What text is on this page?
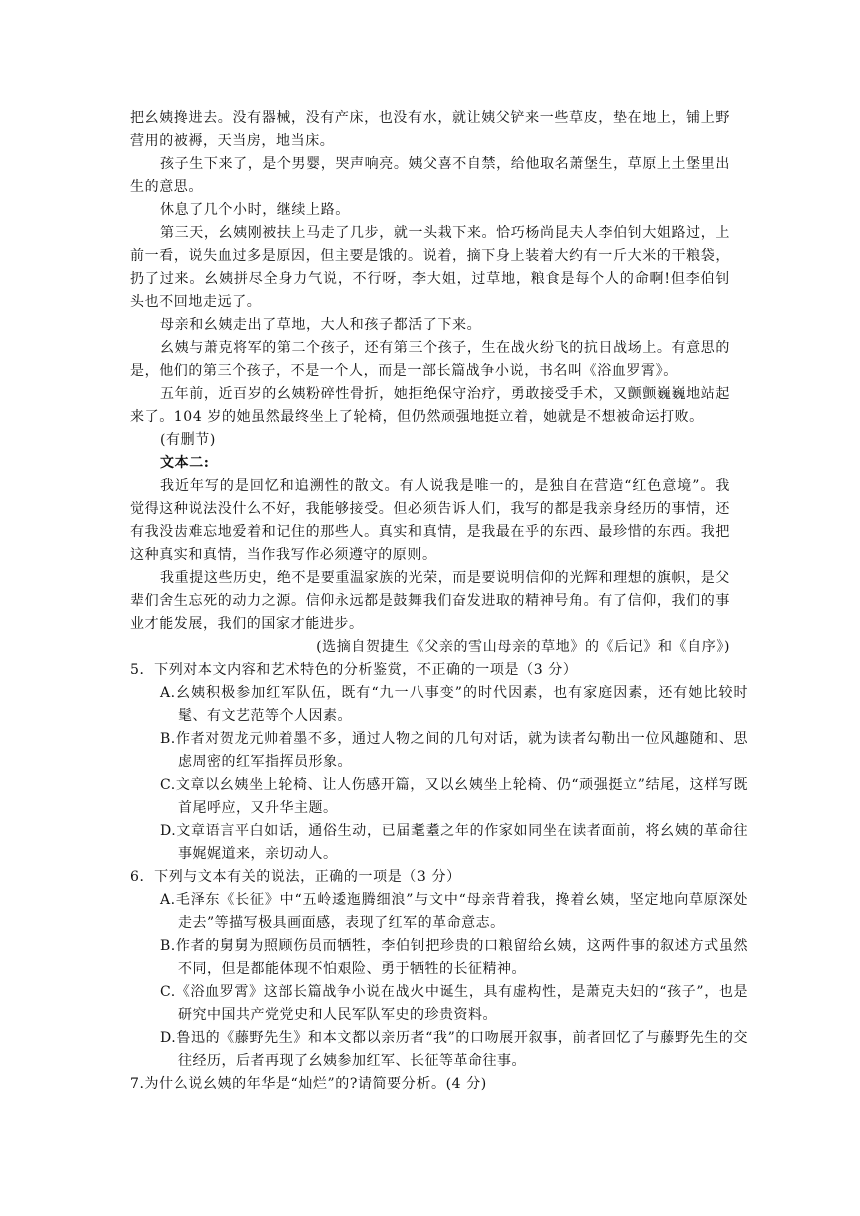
把幺姨搀进去。没有器械，没有产床，也没有水，就让姨父铲来一些草皮，垫在地上，铺上野营用的被褥，天当房，地当床。

孩子生下来了，是个男婴，哭声响亮。姨父喜不自禁，给他取名萧堡生，草原上土堡里出生的意思。

休息了几个小时，继续上路。

第三天，幺姨刚被扶上马走了几步，就一头栽下来。恰巧杨尚昆夫人李伯钊大姐路过，上前一看，说失血过多是原因，但主要是饿的。说着，摘下身上装着大约有一斤大米的干粮袋，扔了过来。幺姨拼尽全身力气说，不行呀，李大姐，过草地，粮食是每个人的命啊!但李伯钊头也不回地走远了。

母亲和幺姨走出了草地，大人和孩子都活了下来。

幺姨与萧克将军的第二个孩子，还有第三个孩子，生在战火纷飞的抗日战场上。有意思的是，他们的第三个孩子，不是一个人，而是一部长篇战争小说，书名叫《浴血罗霄》。

五年前，近百岁的幺姨粉碎性骨折，她拒绝保守治疗，勇敢接受手术，又颤颤巍巍地站起来了。104 岁的她虽然最终坐上了轮椅，但仍然顽强地挺立着，她就是不想被命运打败。

(有删节)

文本二:

我近年写的是回忆和追溯性的散文。有人说我是唯一的，是独自在营造“红色意境”。我觉得这种说法没什么不好，我能够接受。但必须告诉人们，我写的都是我亲身经历的事情，还有我没齿难忘地爱着和记住的那些人。真实和真情，是我最在乎的东西、最珍惜的东西。我把这种真实和真情，当作我写作必须遵守的原则。

我重提这些历史，绝不是要重温家族的光荣，而是要说明信仰的光辉和理想的旗帜，是父辈们舍生忘死的动力之源。信仰永远都是鼓舞我们奋发进取的精神号角。有了信仰，我们的事业才能发展，我们的国家才能进步。

(选摘自贺捷生《父亲的雪山母亲的草地》的《后记》和《自序》)

5．下列对本文内容和艺术特色的分析鉴赏，不正确的一项是（3 分）

A.幺姨积极参加红军队伍，既有“九一八事变”的时代因素，也有家庭因素，还有她比较时髦、有文艺范等个人因素。

B.作者对贺龙元帅着墨不多，通过人物之间的几句对话，就为读者勾勒出一位风趣随和、思虑周密的红军指挥员形象。

C.文章以幺姨坐上轮椅、让人伤感开篇，又以幺姨坐上轮椅、仍“顽强挺立”结尾，这样写既首尾呼应，又升华主题。

D.文章语言平白如话，通俗生动，已届耄耋之年的作家如同坐在读者面前，将幺姨的革命往事娓娓道来，亲切动人。

6．下列与文本有关的说法，正确的一项是（3 分）

A.毛泽东《长征》中“五岭逶迤腾细浪”与文中“母亲背着我，搀着幺姨，坚定地向草原深处走去”等描写极具画面感，表现了红军的革命意志。

B.作者的舅舅为照顾伤员而牺牲，李伯钊把珍贵的口粮留给幺姨，这两件事的叙述方式虽然不同，但是都能体现不怕艰险、勇于牺牲的长征精神。

C.《浴血罗霄》这部长篇战争小说在战火中诞生，具有虚构性，是萧克夫妇的“孩子”，也是研究中国共产党党史和人民军队军史的珍贵资料。

D.鲁迅的《藤野先生》和本文都以亲历者“我”的口吻展开叙事，前者回忆了与藤野先生的交往经历，后者再现了幺姨参加红军、长征等革命往事。

7.为什么说幺姨的年华是“灿烂”的?请简要分析。(4 分)
